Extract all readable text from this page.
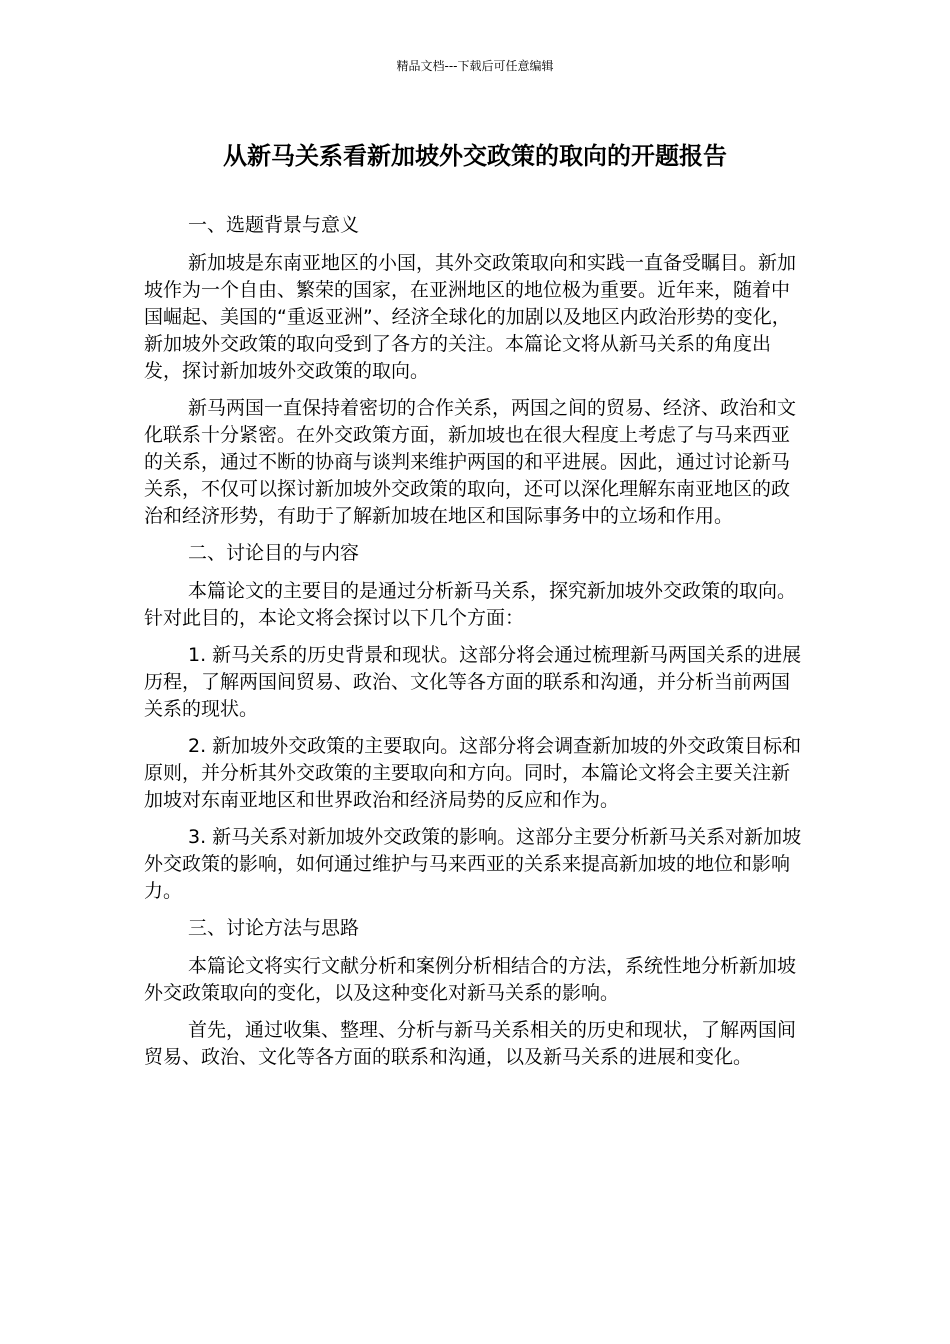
精品文档---下载后可任意编辑
从新马关系看新加坡外交政策的取向的开题报告

一、选题背景与意义

新加坡是东南亚地区的小国，其外交政策取向和实践一直备受瞩目。新加坡作为一个自由、繁荣的国家，在亚洲地区的地位极为重要。近年来，随着中国崛起、美国的“重返亚洲”、经济全球化的加剧以及地区内政治形势的变化，新加坡外交政策的取向受到了各方的关注。本篇论文将从新马关系的角度出发，探讨新加坡外交政策的取向。

新马两国一直保持着密切的合作关系，两国之间的贸易、经济、政治和文化联系十分紧密。在外交政策方面，新加坡也在很大程度上考虑了与马来西亚的关系，通过不断的协商与谈判来维护两国的和平进展。因此，通过讨论新马关系，不仅可以探讨新加坡外交政策的取向，还可以深化理解东南亚地区的政治和经济形势，有助于了解新加坡在地区和国际事务中的立场和作用。

二、讨论目的与内容

本篇论文的主要目的是通过分析新马关系，探究新加坡外交政策的取向。针对此目的，本论文将会探讨以下几个方面：

1. 新马关系的历史背景和现状。这部分将会通过梳理新马两国关系的进展历程，了解两国间贸易、政治、文化等各方面的联系和沟通，并分析当前两国关系的现状。

2. 新加坡外交政策的主要取向。这部分将会调查新加坡的外交政策目标和原则，并分析其外交政策的主要取向和方向。同时，本篇论文将会主要关注新加坡对东南亚地区和世界政治和经济局势的反应和作为。

3. 新马关系对新加坡外交政策的影响。这部分主要分析新马关系对新加坡外交政策的影响，如何通过维护与马来西亚的关系来提高新加坡的地位和影响力。

三、讨论方法与思路

本篇论文将实行文献分析和案例分析相结合的方法，系统性地分析新加坡外交政策取向的变化，以及这种变化对新马关系的影响。

首先，通过收集、整理、分析与新马关系相关的历史和现状，了解两国间贸易、政治、文化等各方面的联系和沟通，以及新马关系的进展和变化。
